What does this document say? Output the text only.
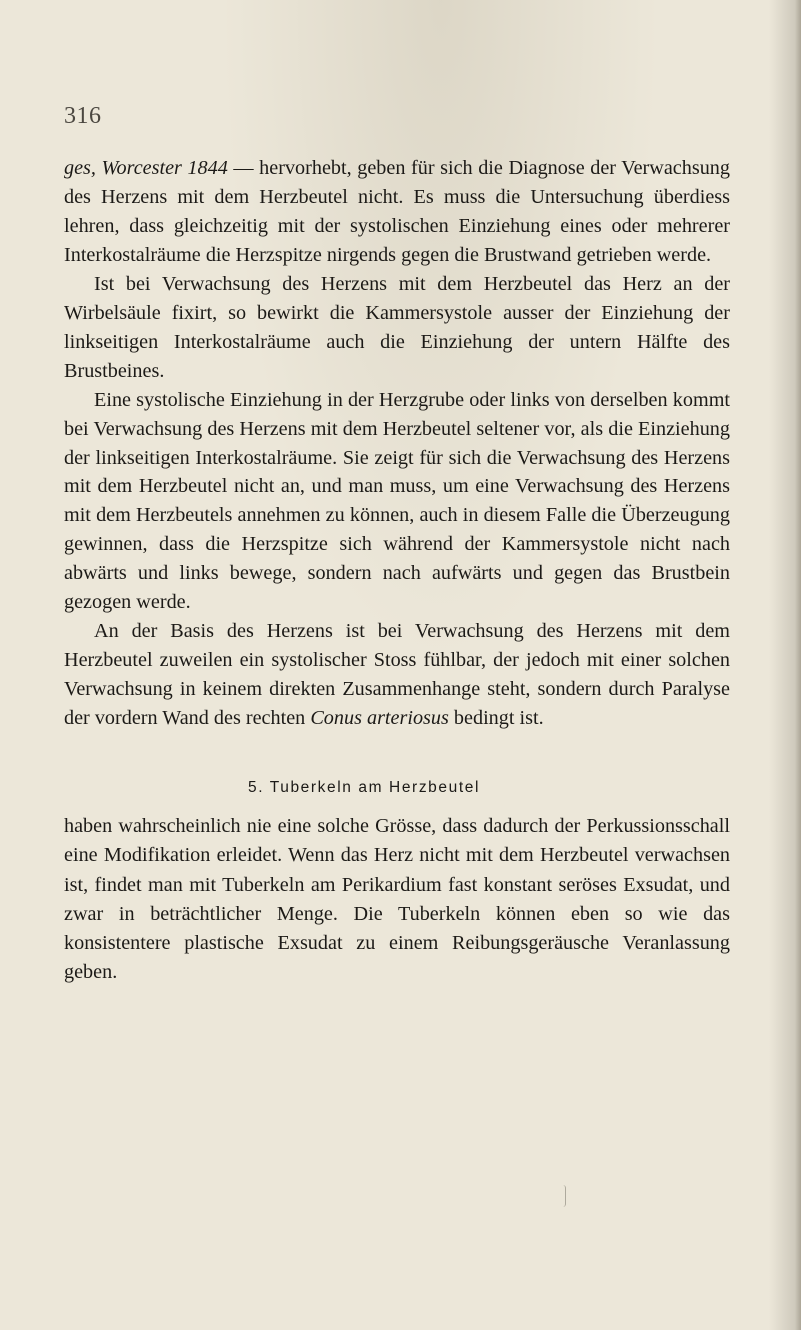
316

ges, Worcester 1844 — hervorhebt, geben für sich die Diagnose der Verwachsung des Herzens mit dem Herzbeutel nicht. Es muss die Untersuchung überdiess lehren, dass gleichzeitig mit der systolischen Einziehung eines oder mehrerer Interkostalräume die Herzspitze nirgends gegen die Brustwand getrieben werde.

Ist bei Verwachsung des Herzens mit dem Herzbeutel das Herz an der Wirbelsäule fixirt, so bewirkt die Kammersystole ausser der Einziehung der linkseitigen Interkostalräume auch die Einziehung der untern Hälfte des Brustbeines.

Eine systolische Einziehung in der Herzgrube oder links von derselben kommt bei Verwachsung des Herzens mit dem Herzbeutel seltener vor, als die Einziehung der linkseitigen Interkostalräume. Sie zeigt für sich die Verwachsung des Herzens mit dem Herzbeutel nicht an, und man muss, um eine Verwachsung des Herzens mit dem Herzbeutels annehmen zu können, auch in diesem Falle die Überzeugung gewinnen, dass die Herzspitze sich während der Kammersystole nicht nach abwärts und links bewege, sondern nach aufwärts und gegen das Brustbein gezogen werde.

An der Basis des Herzens ist bei Verwachsung des Herzens mit dem Herzbeutel zuweilen ein systolischer Stoss fühlbar, der jedoch mit einer solchen Verwachsung in keinem direkten Zusammenhange steht, sondern durch Paralyse der vordern Wand des rechten Conus arteriosus bedingt ist.

5. Tuberkeln am Herzbeutel

haben wahrscheinlich nie eine solche Grösse, dass dadurch der Perkussionsschall eine Modifikation erleidet. Wenn das Herz nicht mit dem Herzbeutel verwachsen ist, findet man mit Tuberkeln am Perikardium fast konstant seröses Exsudat, und zwar in beträchtlicher Menge. Die Tuberkeln können eben so wie das konsistentere plastische Exsudat zu einem Reibungsgeräusche Veranlassung geben.
